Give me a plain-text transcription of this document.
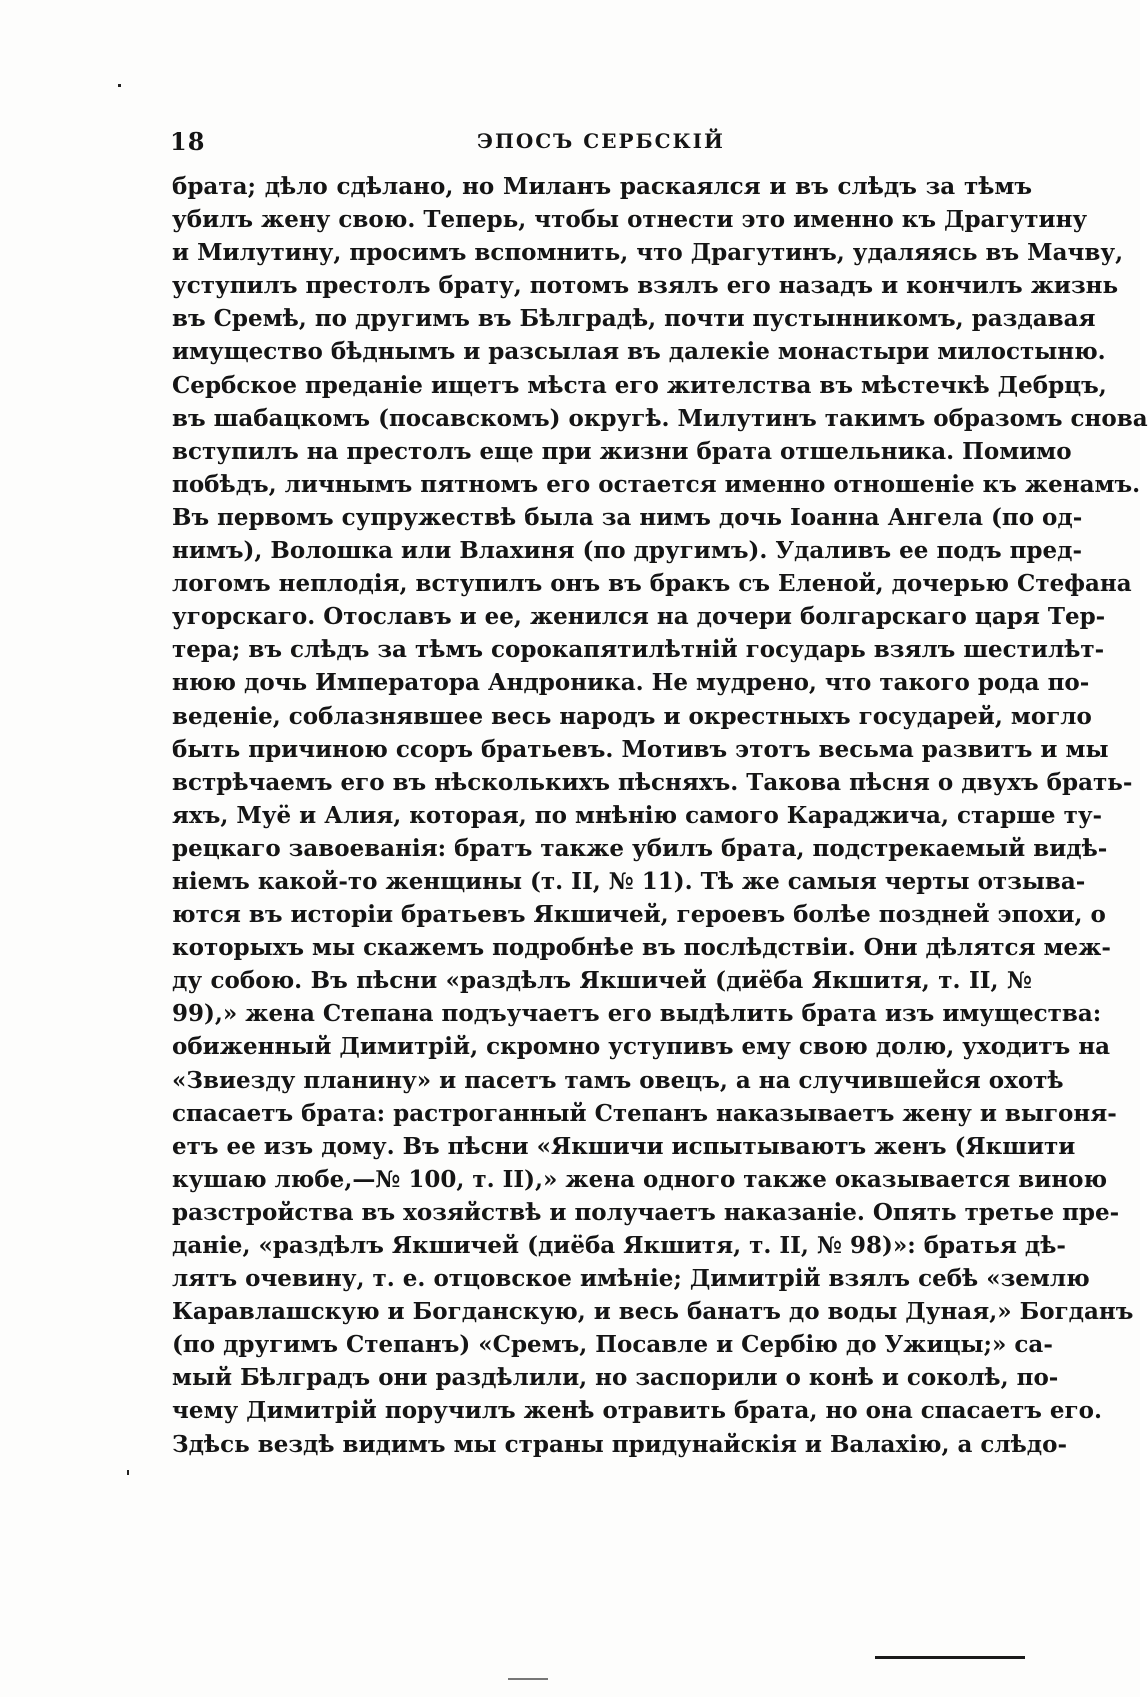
18	ЭПОСЪ СЕРБСКІЙ
брата; дѣло сдѣлано, но Миланъ раскаялся и въ слѣдъ за тѣмъ
убилъ жену свою. Теперь, чтобы отнести это именно къ Драгутину
и Милутину, просимъ вспомнить, что Драгутинъ, удаляясь въ Мачву,
уступилъ престолъ брату, потомъ взялъ его назадъ и кончилъ жизнь
въ Сремѣ, по другимъ въ Бѣлградѣ, почти пустынникомъ, раздавая
имущество бѣднымъ и разсылая въ далекіе монастыри милостыню.
Сербское преданіе ищетъ мѣста его жителства въ мѣстечкѣ Дебрцъ,
въ шабацкомъ (посавскомъ) округѣ. Милутинъ такимъ образомъ снова
вступилъ на престолъ еще при жизни брата отшельника. Помимо
побѣдъ, личнымъ пятномъ его остается именно отношеніе къ женамъ.
Въ первомъ супружествѣ была за нимъ дочь Іоанна Ангела (по од-
нимъ), Волошка или Влахиня (по другимъ). Удаливъ ее подъ пред-
логомъ неплодія, вступилъ онъ въ бракъ съ Еленой, дочерью Стефана
угорскаго. Отославъ и ее, женился на дочери болгарскаго царя Тер-
тера; въ слѣдъ за тѣмъ сорокапятилѣтній государь взялъ шестилѣт-
нюю дочь Императора Андроника. Не мудрено, что такого рода по-
веденіе, соблазнявшее весь народъ и окрестныхъ государей, могло
быть причиною ссоръ братьевъ. Мотивъ этотъ весьма развитъ и мы
встрѣчаемъ его въ нѣсколькихъ пѣсняхъ. Такова пѣсня о двухъ брать-
яхъ, Муё и Алия, которая, по мнѣнію самого Караджича, старше ту-
рецкаго завоеванія: братъ также убилъ брата, подстрекаемый видѣ-
ніемъ какой-то женщины (т. II, № 11). Тѣ же самыя черты отзыва-
ются въ исторіи братьевъ Якшичей, героевъ болѣе поздней эпохи, о
которыхъ мы скажемъ подробнѣе въ послѣдствіи. Они дѣлятся меж-
ду собою. Въ пѣсни «раздѣлъ Якшичей (диёба Якшитя, т. II, №
99),» жена Степана подъучаетъ его выдѣлить брата изъ имущества:
обиженный Димитрій, скромно уступивъ ему свою долю, уходитъ на
«Звиезду планину» и пасетъ тамъ овецъ, а на случившейся охотѣ
спасаетъ брата: растроганный Степанъ наказываетъ жену и выгоня-
етъ ее изъ дому. Въ пѣсни «Якшичи испытываютъ женъ (Якшити
кушаю любе,—№ 100, т. II),» жена одного также оказывается виною
разстройства въ хозяйствѣ и получаетъ наказаніе. Опять третье пре-
даніе, «раздѣлъ Якшичей (диёба Якшитя, т. II, № 98)»: братья дѣ-
лятъ очевину, т. е. отцовское имѣніе; Димитрій взялъ себѣ «землю
Каравлашскую и Богданскую, и весь банатъ до воды Дуная,» Богданъ
(по другимъ Степанъ) «Сремъ, Посавле и Сербію до Ужицы;» са-
мый Бѣлградъ они раздѣлили, но заспорили о конѣ и соколѣ, по-
чему Димитрій поручилъ женѣ отравить брата, но она спасаетъ его.
Здѣсь вездѣ видимъ мы страны придунайскія и Валахію, а слѣдо-
